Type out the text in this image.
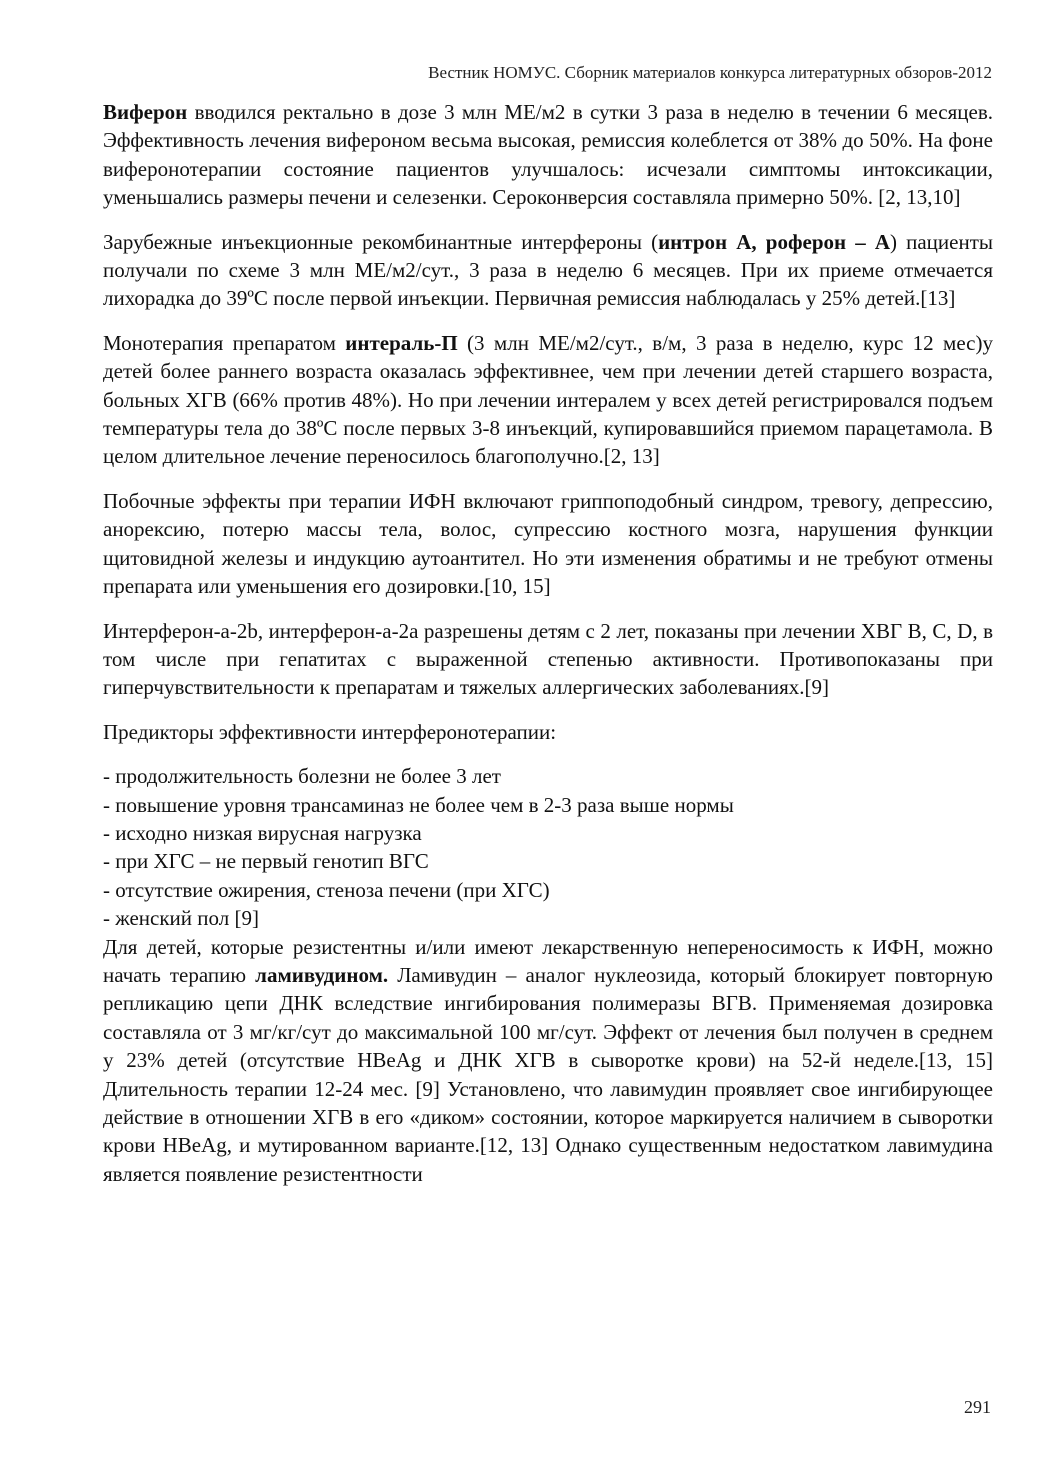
Вестник НОМУС. Сборник материалов конкурса литературных обзоров-2012

Виферон вводился ректально в дозе 3 млн МЕ/м2 в сутки 3 раза в неделю в течении 6 месяцев. Эффективность лечения вифероном весьма высокая, ремиссия колеблется от 38% до 50%. На фоне виферонотерапии состояние пациентов улучшалось: исчезали симптомы интоксикации, уменьшались размеры печени и селезенки. Сероконверсия составляла примерно 50%. [2, 13,10]

Зарубежные инъекционные рекомбинантные интерфероны (интрон А, роферон – А) пациенты получали по схеме 3 млн МЕ/м2/сут., 3 раза в неделю 6 месяцев. При их приеме отмечается лихорадка до 39ºС после первой инъекции. Первичная ремиссия наблюдалась у 25% детей.[13]

Монотерапия препаратом интераль-П (3 млн МЕ/м2/сут., в/м, 3 раза в неделю, курс 12 мес)у детей более раннего возраста оказалась эффективнее, чем при лечении детей старшего возраста, больных ХГВ (66% против 48%). Но при лечении интералем у всех детей регистрировался подъем температуры тела до 38ºС после первых 3-8 инъекций, купировавшийся приемом парацетамола. В целом длительное лечение переносилось благополучно.[2, 13]

Побочные эффекты при терапии ИФН включают гриппоподобный синдром, тревогу, депрессию, анорексию, потерю массы тела, волос, супрессию костного мозга, нарушения функции щитовидной железы и индукцию аутоантител. Но эти изменения обратимы и не требуют отмены препарата или уменьшения его дозировки.[10, 15]

Интерферон-а-2b, интерферон-а-2а разрешены детям с 2 лет, показаны при лечении ХВГ В, С, D, в том числе при гепатитах с выраженной степенью активности. Противопоказаны при гиперчувствительности к препаратам и тяжелых аллергических заболеваниях.[9]

Предикторы эффективности интерферонотерапии:

- продолжительность болезни не более 3 лет
- повышение уровня трансаминаз не более чем в 2-3 раза выше нормы
- исходно низкая вирусная нагрузка
- при ХГС – не первый генотип ВГС
- отсутствие ожирения, стеноза печени (при ХГС)
- женский пол [9]

Для детей, которые резистентны и/или имеют лекарственную непереносимость к ИФН, можно начать терапию ламивудином. Ламивудин – аналог нуклеозида, который блокирует повторную репликацию цепи ДНК вследствие ингибирования полимеразы ВГВ. Применяемая дозировка составляла от 3 мг/кг/сут до максимальной 100 мг/сут. Эффект от лечения был получен в среднем у 23% детей (отсутствие HBeAg и ДНК ХГВ в сыворотке крови) на 52-й неделе.[13, 15] Длительность терапии 12-24 мес. [9] Установлено, что лавимудин проявляет свое ингибирующее действие в отношении ХГВ в его «диком» состоянии, которое маркируется наличием в сыворотки крови HBeAg, и мутированном варианте.[12, 13] Однако существенным недостатком лавимудина является появление резистентности

291
